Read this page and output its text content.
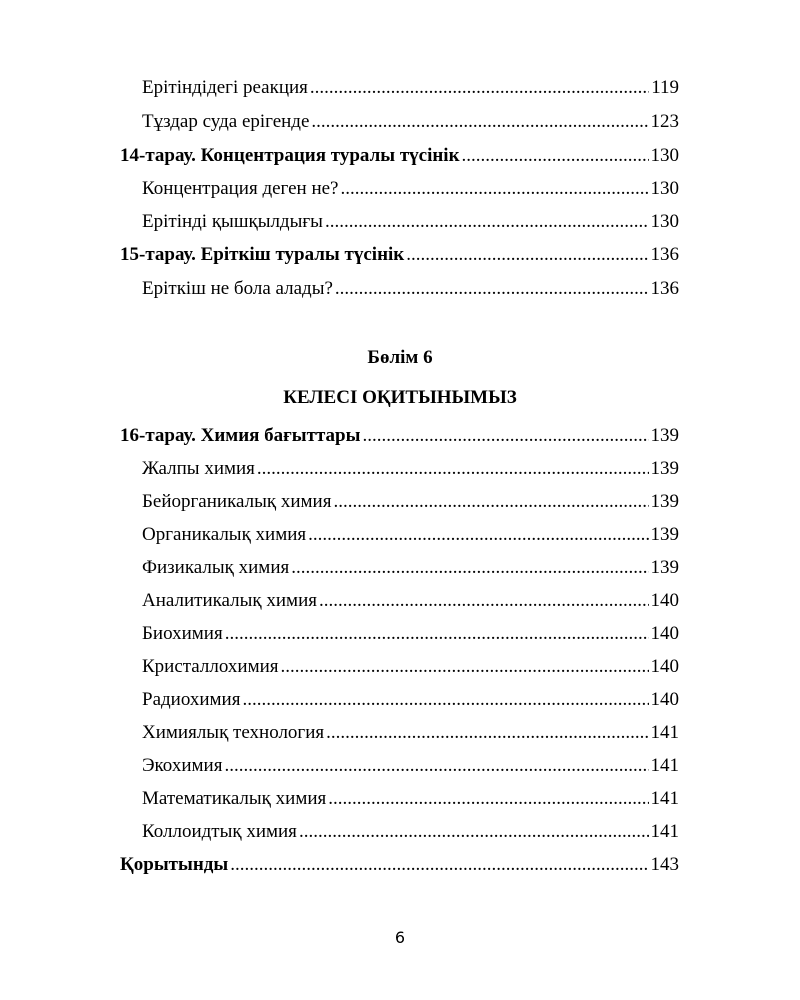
Ерітіндідегі реакция .....	119
Тұздар суда ерігенде .....	123
14-тарау. Концентрация туралы түсінік .....	130
Концентрация деген не? .....	130
Ерітінді қышқылдығы .....	130
15-тарау. Еріткіш туралы түсінік .....	136
Еріткіш не бола алады? .....	136
Бөлім 6
КЕЛЕСІ ОҚИТЫНЫМЫЗ
16-тарау. Химия бағыттары .....	139
Жалпы химия .....	139
Бейорганикалық химия .....	139
Органикалық химия .....	139
Физикалық химия .....	139
Аналитикалық химия .....	140
Биохимия .....	140
Кристаллохимия .....	140
Радиохимия .....	140
Химиялық технология .....	141
Экохимия .....	141
Математикалық химия .....	141
Коллоидтық химия .....	141
Қорытынды .....	143
6
